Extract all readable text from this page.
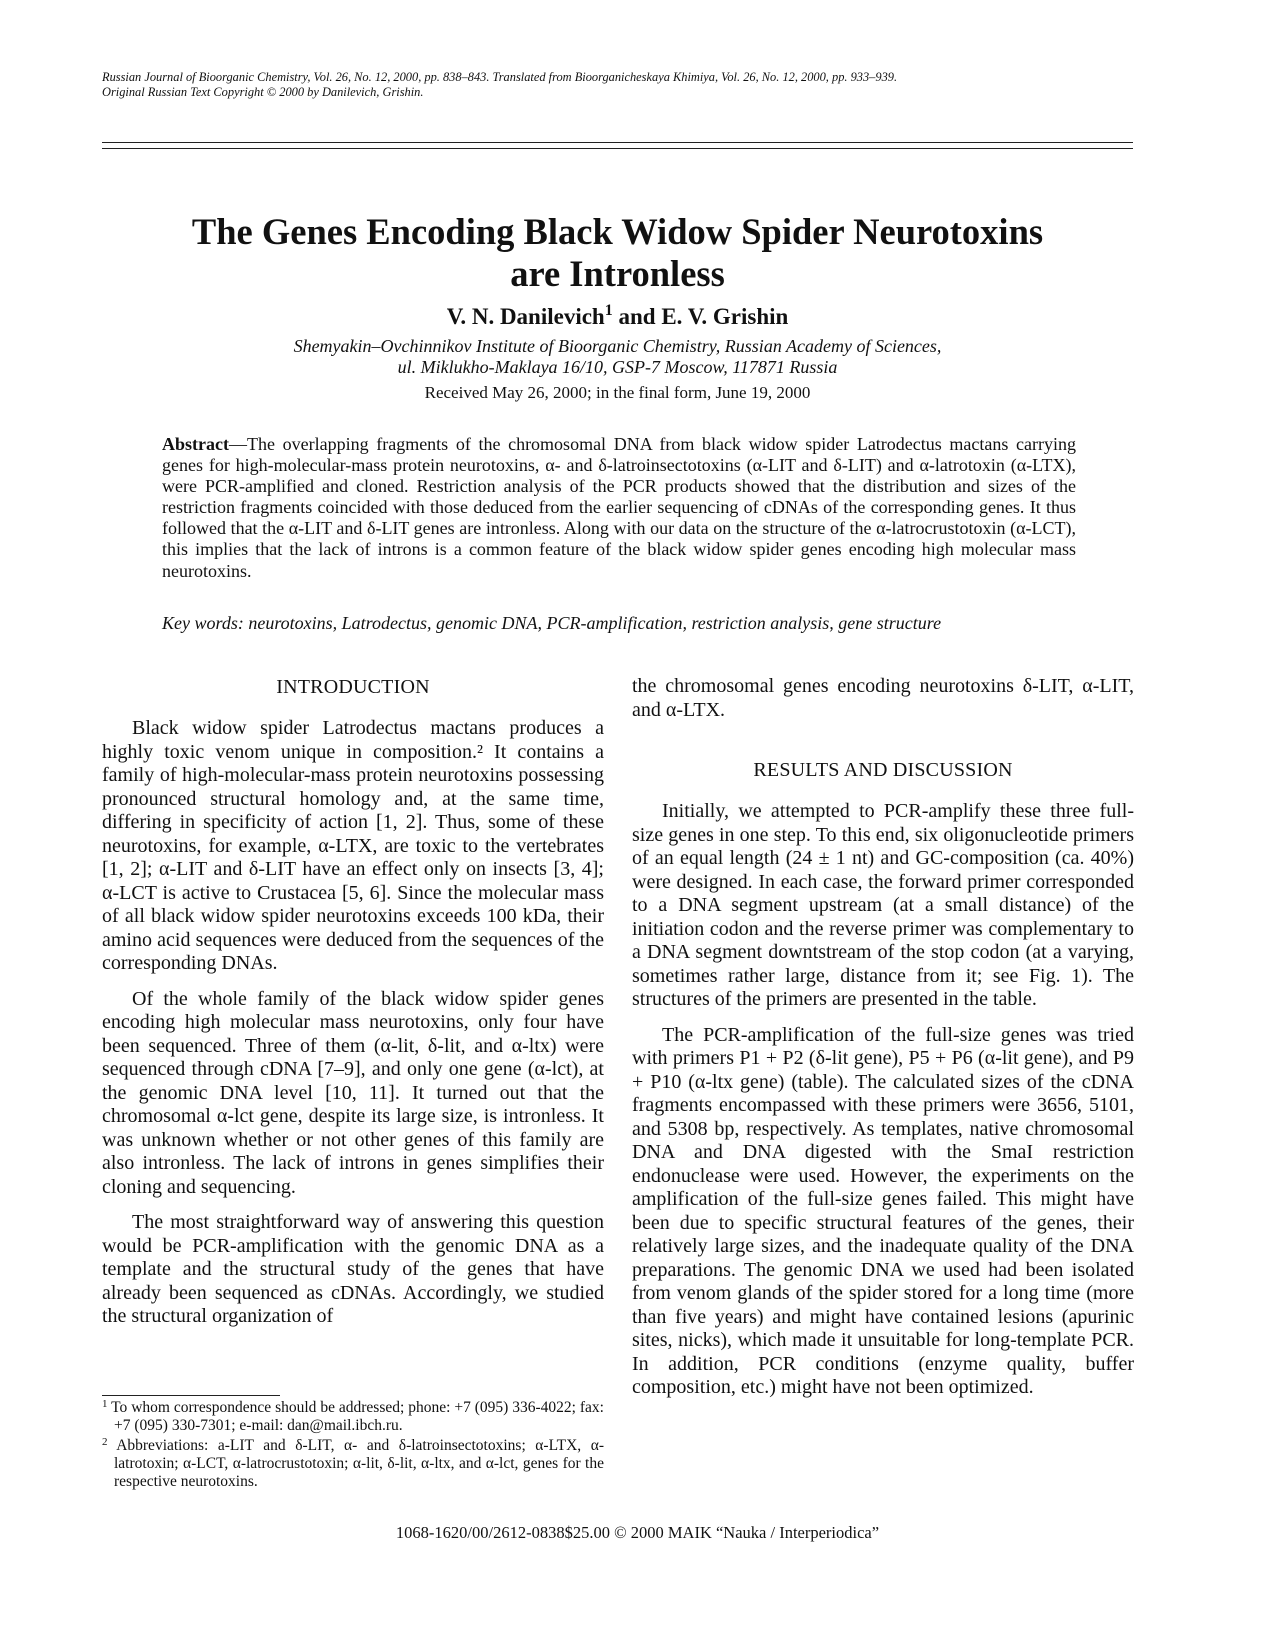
Russian Journal of Bioorganic Chemistry, Vol. 26, No. 12, 2000, pp. 838–843. Translated from Bioorganicheskaya Khimiya, Vol. 26, No. 12, 2000, pp. 933–939.
Original Russian Text Copyright © 2000 by Danilevich, Grishin.
The Genes Encoding Black Widow Spider Neurotoxins
are Intronless
V. N. Danilevich$^1$ and E. V. Grishin
Shemyakin–Ovchinnikov Institute of Bioorganic Chemistry, Russian Academy of Sciences,
ul. Miklukho-Maklaya 16/10, GSP-7 Moscow, 117871 Russia
Received May 26, 2000; in the final form, June 19, 2000

Abstract—The overlapping fragments of the chromosomal DNA from black widow spider Latrodectus mactans carrying genes for high-molecular-mass protein neurotoxins, α- and δ-latroinsectotoxins (α-LIT and δ-LIT) and α-latrotoxin (α-LTX), were PCR-amplified and cloned. Restriction analysis of the PCR products showed that the distribution and sizes of the restriction fragments coincided with those deduced from the earlier sequencing of cDNAs of the corresponding genes. It thus followed that the α-LIT and δ-LIT genes are intronless. Along with our data on the structure of the α-latrocrustotoxin (α-LCT), this implies that the lack of introns is a common feature of the black widow spider genes encoding high molecular mass neurotoxins.

Key words: neurotoxins, Latrodectus, genomic DNA, PCR-amplification, restriction analysis, gene structure
INTRODUCTION

Black widow spider Latrodectus mactans produces a highly toxic venom unique in composition.² It contains a family of high-molecular-mass protein neurotoxins possessing pronounced structural homology and, at the same time, differing in specificity of action [1, 2]. Thus, some of these neurotoxins, for example, α-LTX, are toxic to the vertebrates [1, 2]; α-LIT and δ-LIT have an effect only on insects [3, 4]; α-LCT is active to Crustacea [5, 6]. Since the molecular mass of all black widow spider neurotoxins exceeds 100 kDa, their amino acid sequences were deduced from the sequences of the corresponding DNAs.

Of the whole family of the black widow spider genes encoding high molecular mass neurotoxins, only four have been sequenced. Three of them (α-lit, δ-lit, and α-ltx) were sequenced through cDNA [7–9], and only one gene (α-lct), at the genomic DNA level [10, 11]. It turned out that the chromosomal α-lct gene, despite its large size, is intronless. It was unknown whether or not other genes of this family are also intronless. The lack of introns in genes simplifies their cloning and sequencing.

The most straightforward way of answering this question would be PCR-amplification with the genomic DNA as a template and the structural study of the genes that have already been sequenced as cDNAs. Accordingly, we studied the structural organization of

the chromosomal genes encoding neurotoxins δ-LIT, α-LIT, and α-LTX.

RESULTS AND DISCUSSION

Initially, we attempted to PCR-amplify these three full-size genes in one step. To this end, six oligonucleotide primers of an equal length (24 ± 1 nt) and GC-composition (ca. 40%) were designed. In each case, the forward primer corresponded to a DNA segment upstream (at a small distance) of the initiation codon and the reverse primer was complementary to a DNA segment downtstream of the stop codon (at a varying, sometimes rather large, distance from it; see Fig. 1). The structures of the primers are presented in the table.

The PCR-amplification of the full-size genes was tried with primers P1 + P2 (δ-lit gene), P5 + P6 (α-lit gene), and P9 + P10 (α-ltx gene) (table). The calculated sizes of the cDNA fragments encompassed with these primers were 3656, 5101, and 5308 bp, respectively. As templates, native chromosomal DNA and DNA digested with the SmaI restriction endonuclease were used. However, the experiments on the amplification of the full-size genes failed. This might have been due to specific structural features of the genes, their relatively large sizes, and the inadequate quality of the DNA preparations. The genomic DNA we used had been isolated from venom glands of the spider stored for a long time (more than five years) and might have contained lesions (apurinic sites, nicks), which made it unsuitable for long-template PCR. In addition, PCR conditions (enzyme quality, buffer composition, etc.) might have not been optimized.

$^1$ To whom correspondence should be addressed; phone: +7 (095) 336-4022; fax: +7 (095) 330-7301; e-mail: dan@mail.ibch.ru.
$^2$ Abbreviations: a-LIT and δ-LIT, α- and δ-latroinsectotoxins; α-LTX, α-latrotoxin; α-LCT, α-latrocrustotoxin; α-lit, δ-lit, α-ltx, and α-lct, genes for the respective neurotoxins.
1068-1620/00/2612-0838$25.00 © 2000 MAIK “Nauka / Interperiodica”
